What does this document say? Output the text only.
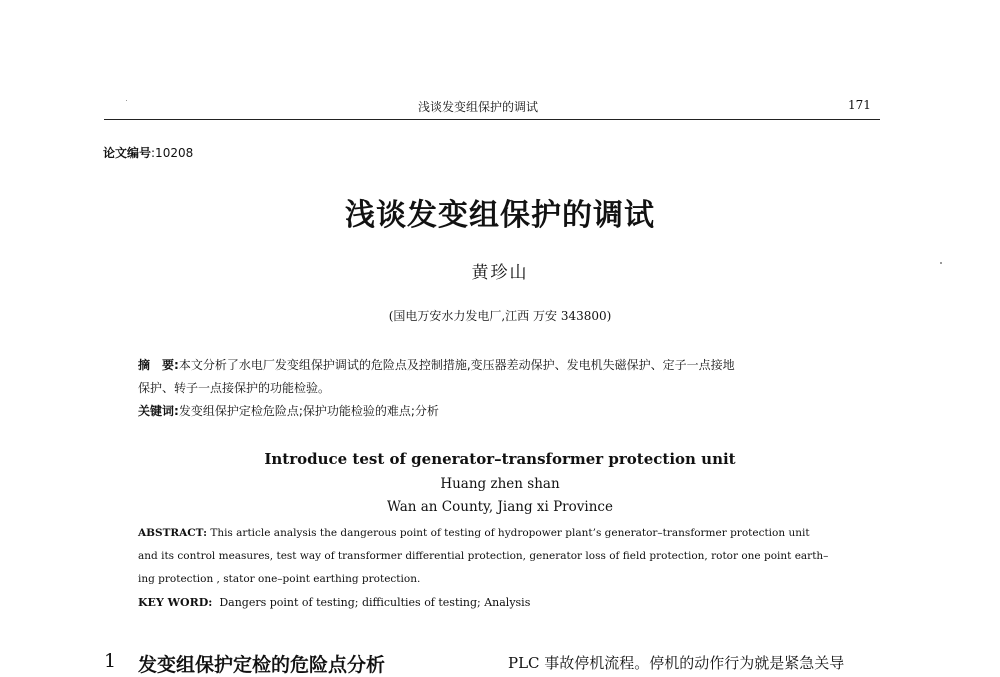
浅谈发变组保护的调试	171
论文编号:10208
浅谈发变组保护的调试
黄珍山
(国电万安水力发电厂,江西 万安 343800)
摘　要:本文分析了水电厂发变组保护调试的危险点及控制措施,变压器差动保护、发电机失磁保护、定子一点接地
保护、转子一点接保护的功能检验。
关键词:发变组保护定检危险点;保护功能检验的难点;分析
Introduce test of generator–transformer protection unit
Huang zhen shan
Wan an County, Jiang xi Province
ABSTRACT: This article analysis the dangerous point of testing of hydropower plant’s generator–transformer protection unit
and its control measures, test way of transformer differential protection, generator loss of field protection, rotor one point earth–
ing protection , stator one–point earthing protection.
KEY WORD: Dangers point of testing; difficulties of testing; Analysis
1 发变组保护定检的危险点分析	PLC 事故停机流程。停机的动作行为就是紧急关导
